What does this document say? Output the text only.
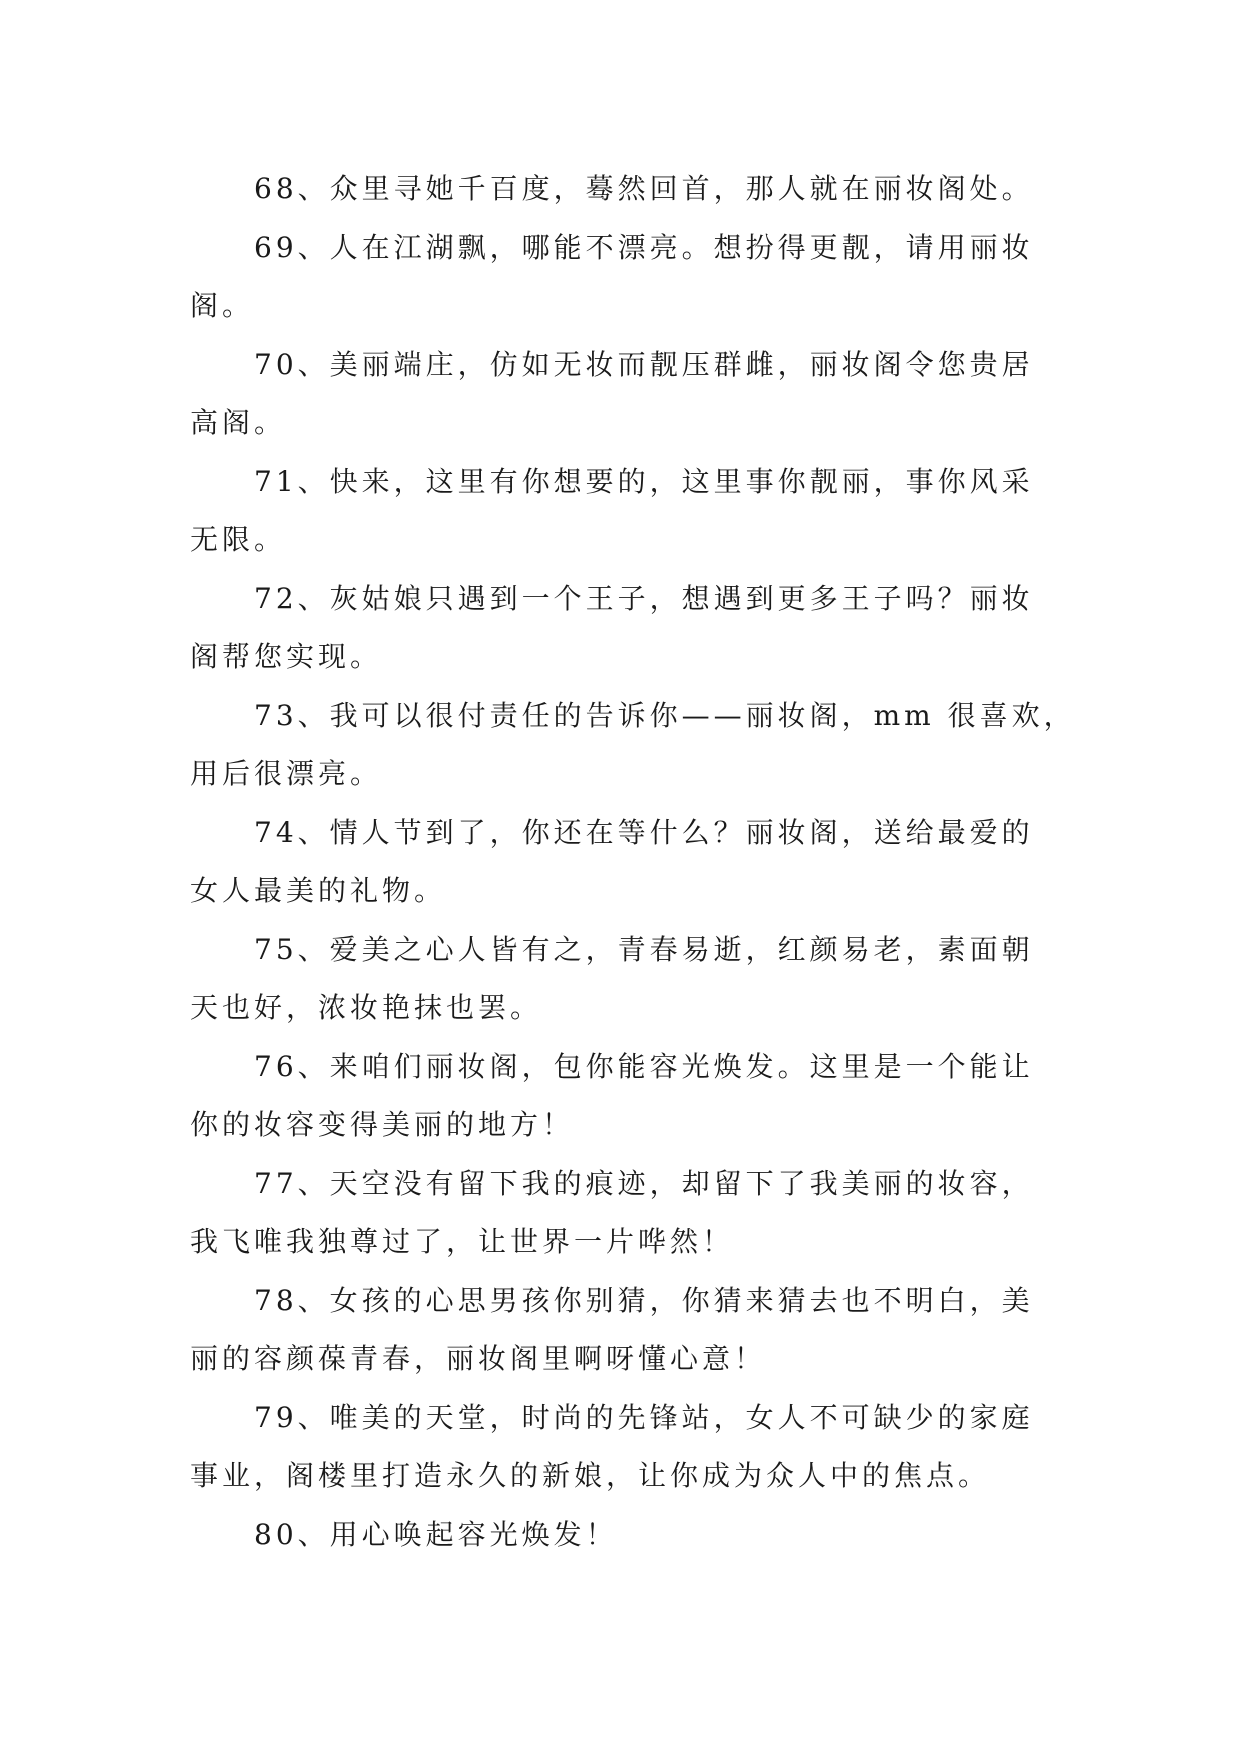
68、众里寻她千百度，蓦然回首，那人就在丽妆阁处。
69、人在江湖飘，哪能不漂亮。想扮得更靓，请用丽妆
阁。
70、美丽端庄，仿如无妆而靓压群雌，丽妆阁令您贵居
高阁。
71、快来，这里有你想要的，这里事你靓丽，事你风采
无限。
72、灰姑娘只遇到一个王子，想遇到更多王子吗？丽妆
阁帮您实现。
73、我可以很付责任的告诉你——丽妆阁，mm 很喜欢，
用后很漂亮。
74、情人节到了，你还在等什么？丽妆阁，送给最爱的
女人最美的礼物。
75、爱美之心人皆有之，青春易逝，红颜易老，素面朝
天也好，浓妆艳抹也罢。
76、来咱们丽妆阁，包你能容光焕发。这里是一个能让
你的妆容变得美丽的地方！
77、天空没有留下我的痕迹，却留下了我美丽的妆容，
我飞唯我独尊过了，让世界一片哗然！
78、女孩的心思男孩你别猜，你猜来猜去也不明白，美
丽的容颜葆青春，丽妆阁里啊呀懂心意！
79、唯美的天堂，时尚的先锋站，女人不可缺少的家庭
事业，阁楼里打造永久的新娘，让你成为众人中的焦点。
80、用心唤起容光焕发！
